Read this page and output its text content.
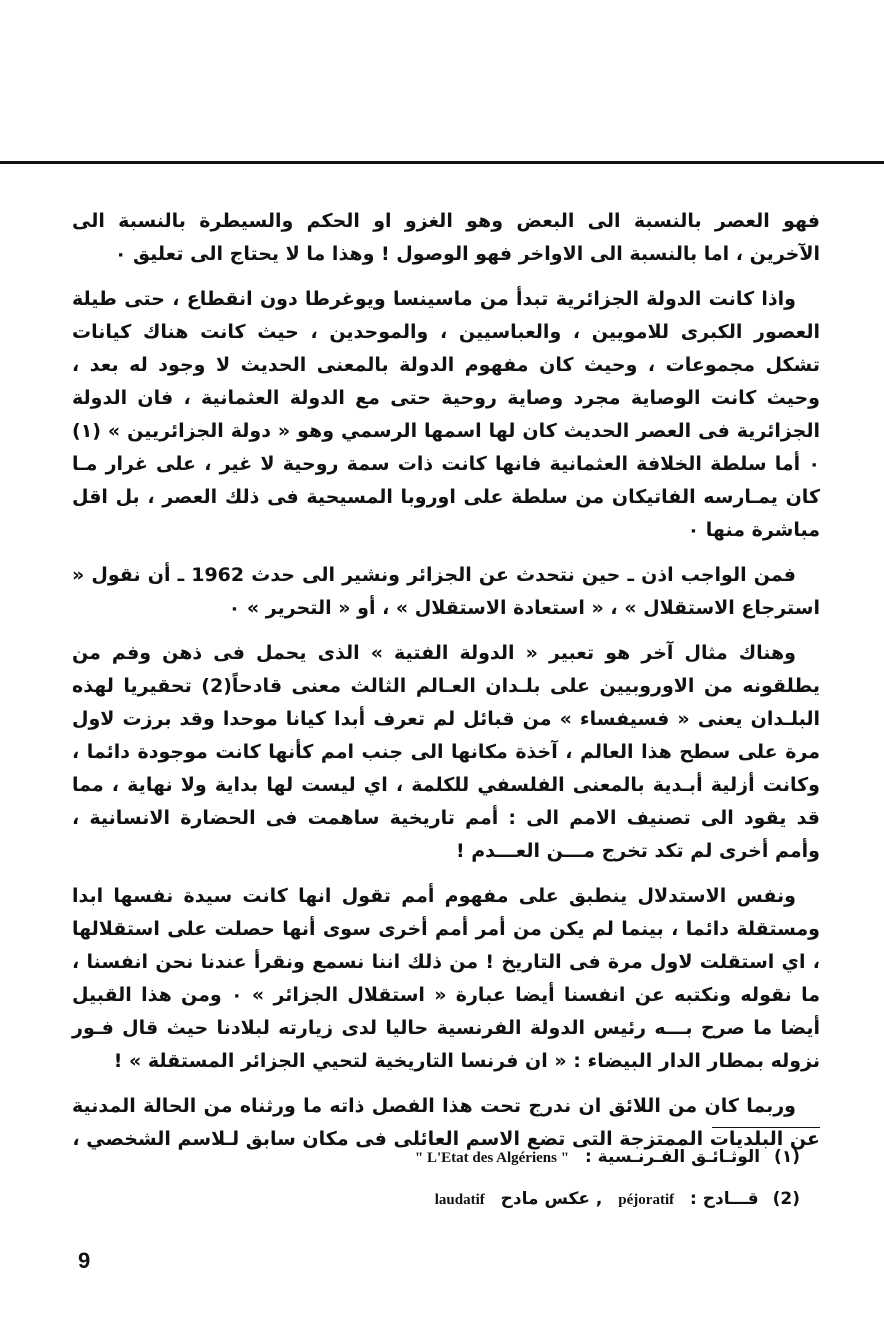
فهو العصر بالنسبة الى البعض وهو الغزو او الحكم والسيطرة بالنسبة الى الآخرين ، اما بالنسبة الى الاواخر فهو الوصول ! وهذا ما لا يحتاج الى تعليق ٠

واذا كانت الدولة الجزائرية تبدأ من ماسينسا ويوغرطا دون انقطاع ، حتى طيلة العصور الكبرى للامويين ، والعباسيين ، والموحدين ، حيث كانت هناك كيانات تشكل مجموعات ، وحيث كان مفهوم الدولة بالمعنى الحديث لا وجود له بعد ، وحيث كانت الوصاية مجرد وصاية روحية حتى مع الدولة العثمانية ، فان الدولة الجزائرية فى العصر الحديث كان لها اسمها الرسمي وهو « دولة الجزائريين » (١) ٠ أما سلطة الخلافة العثمانية فانها كانت ذات سمة روحية لا غير ، على غرار مـا كان يمـارسه الفاتيكان من سلطة على اوروبا المسيحية فى ذلك العصر ، بل اقل مباشرة منها ٠

فمن الواجب اذن ـ حين نتحدث عن الجزائر ونشير الى حدث 1962 ـ أن نقول « استرجاع الاستقلال » ، « استعادة الاستقلال » ، أو « التحرير » ٠

وهناك مثال آخر هو تعبير « الدولة الفتية » الذى يحمل فى ذهن وفم من يطلقونه من الاوروبيين على بلـدان العـالم الثالث معنى قادحاً(2) تحقيريا لهذه البلـدان يعنى « فسيفساء » من قبائل لم تعرف أبدا كيانا موحدا وقد برزت لاول مرة على سطح هذا العالم ، آخذة مكانها الى جنب امم كأنها كانت موجودة دائما ، وكانت أزلية أبـدية بالمعنى الفلسفي للكلمة ، اي ليست لها بداية ولا نهاية ، مما قد يقود الى تصنيف الامم الى : أمم تاريخية ساهمت فى الحضارة الانسانية ، وأمم أخرى لم تكد تخرج مـــن العـــدم !

ونفس الاستدلال ينطبق على مفهوم أمم تقول انها كانت سيدة نفسها ابدا ومستقلة دائما ، بينما لم يكن من أمر أمم أخرى سوى أنها حصلت على استقلالها ، اي استقلت لاول مرة فى التاريخ ! من ذلك اننا نسمع ونقرأ عندنا نحن انفسنا ، ما نقوله ونكتبه عن انفسنا أيضا عبارة « استقلال الجزائر » ٠ ومن هذا القبيل أيضا ما صرح بـــه رئيس الدولة الفرنسية حاليا لدى زيارته لبلادنا حيث قال فـور نزوله بمطار الدار البيضاء : « ان فرنسا التاريخية لتحيي الجزائر المستقلة » !

وربما كان من اللائق ان ندرج تحت هذا الفصل ذاته ما ورثناه من الحالة المدنية عن البلديات الممتزجة التى تضع الاسم العائلى فى مكان سابق لـلاسم الشخصي ،

(١) الوثـائـق الفـرنـسية : " L'Etat des Algériens "
(2) قـــادح : péjoratif , عكس مادح laudatif
9
